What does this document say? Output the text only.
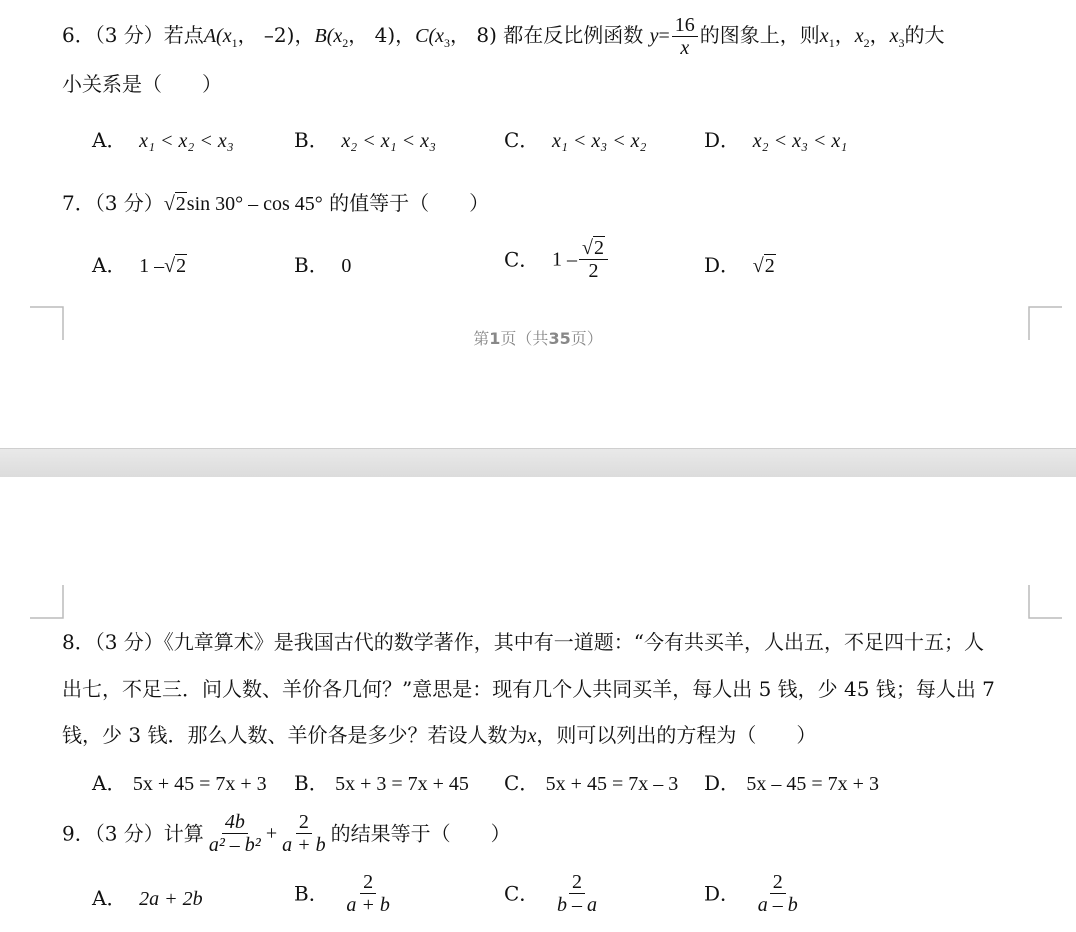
6．（3 分）若点$A(x_1$， –2)，$B(x_2$， 4)，$C(x_3$， 8) 都在反比例函数 $y= \frac{16}{x}$ 的图象上，则$x_1$，$x_2$，$x_3$的大
小关系是（　　）
A． x₁ < x₂ < x₃	B． x₂ < x₁ < x₃	C． x₁ < x₃ < x₂	D． x₂ < x₃ < x₁
7．（3 分）√2sin 30° – cos 45° 的值等于（　　）
A． 1 –√2	B． 0	C． $1 - \frac{√2}{2}$	D． √2
第1页（共35页）
8．（3 分）《九章算术》是我国古代的数学著作，其中有一道题：“今有共买羊，人出五，不足四十五；人
出七，不足三．问人数、羊价各几何？”意思是：现有几个人共同买羊，每人出 5 钱，少 45 钱；每人出 7
钱，少 3 钱．那么人数、羊价各是多少？若设人数为x，则可以列出的方程为（　　）
A． 5x + 45 = 7x + 3 B． 5x + 3 = 7x + 45 C． 5x + 45 = 7x – 3 D． 5x – 45 = 7x + 3
9．（3 分）计算 $\frac{4b}{\text{a² – b²}} + \frac{2}{a + b}$ 的结果等于（　　）
A． 2a + 2b	B． $\frac{2}{a + b}$	C． $\frac{2}{b - a}$	D． $\frac{2}{a - b}$
